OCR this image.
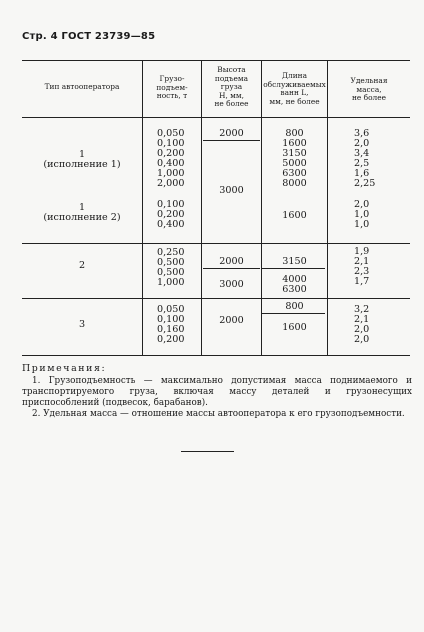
Стр. 4 ГОСТ 23739—85
Тип автооператора
Грузо-
подъем-
ность, т
Высота
подъема
груза
H, мм,
не более
Длина
обслуживаемых
ванн L,
мм, не более
Удельная
масса,
не более
1
(исполнение 1)
0,050
0,100
0,200
0,400
1,000
2,000
2000
3000
800
1600
3150
5000
6300
8000
3,6
2,0
3,4
2,5
1,6
2,25
1
(исполнение 2)
0,100
0,200
0,400
1600
2,0
1,0
1,0
2
0,250
0,500
0,500
1,000
2000
3000
3150
4000
6300
1,9
2,1
2,3
1,7
3
0,050
0,100
0,160
0,200
2000
800
1600
3,2
2,1
2,0
2,0
Примечания:
1. Грузоподъемность — максимально допустимая масса поднимаемого и транспортируемого груза, включая массу деталей и грузонесущих приспособлений (подвесок, барабанов).
2. Удельная масса — отношение массы автооператора к его грузоподъемности.
